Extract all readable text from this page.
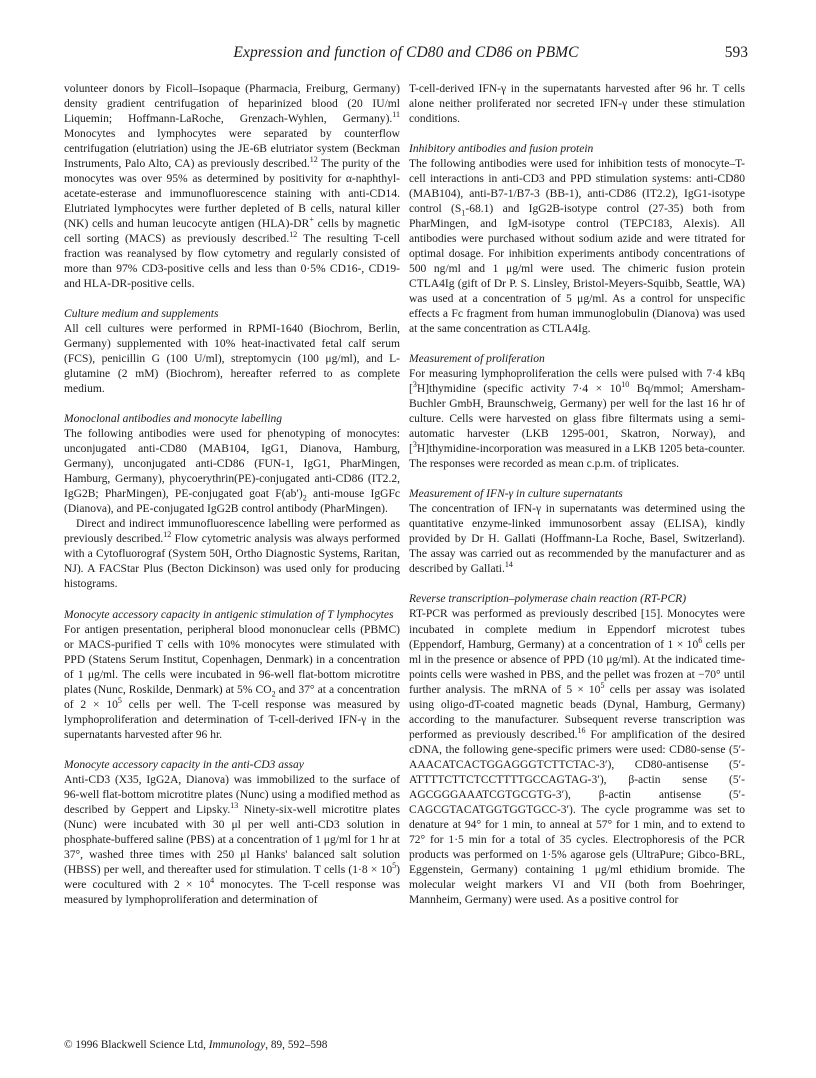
Expression and function of CD80 and CD86 on PBMC	593

volunteer donors by Ficoll–Isopaque (Pharmacia, Freiburg, Germany) density gradient centrifugation of heparinized blood (20 IU/ml Liquemin; Hoffmann-LaRoche, Grenzach-Wyhlen, Germany).$^{11}$ Monocytes and lymphocytes were separated by counterflow centrifugation (elutriation) using the JE-6B elutriator system (Beckman Instruments, Palo Alto, CA) as previously described.$^{12}$ The purity of the monocytes was over 95% as determined by positivity for α-naphthyl-acetate-esterase and immunofluorescence staining with anti-CD14. Elutriated lymphocytes were further depleted of B cells, natural killer (NK) cells and human leucocyte antigen (HLA)-DR+ cells by magnetic cell sorting (MACS) as previously described.$^{12}$ The resulting T-cell fraction was reanalysed by flow cytometry and regularly consisted of more than 97% CD3-positive cells and less than 0·5% CD16-, CD19- and HLA-DR-positive cells.

Culture medium and supplements

All cell cultures were performed in RPMI-1640 (Biochrom, Berlin, Germany) supplemented with 10% heat-inactivated fetal calf serum (FCS), penicillin G (100 U/ml), streptomycin (100 μg/ml), and L-glutamine (2 mM) (Biochrom), hereafter referred to as complete medium.

Monoclonal antibodies and monocyte labelling

The following antibodies were used for phenotyping of monocytes: unconjugated anti-CD80 (MAB104, IgG1, Dianova, Hamburg, Germany), unconjugated anti-CD86 (FUN-1, IgG1, PharMingen, Hamburg, Germany), phycoerythrin(PE)-conjugated anti-CD86 (IT2.2, IgG2B; PharMingen), PE-conjugated goat $F(ab')_2$ anti-mouse IgGFc (Dianova), and PE-conjugated IgG2B control antibody (PharMingen).

Direct and indirect immunofluorescence labelling were performed as previously described.$^{12}$ Flow cytometric analysis was always performed with a Cytofluorograf (System 50H, Ortho Diagnostic Systems, Raritan, NJ). A FACStar Plus (Becton Dickinson) was used only for producing histograms.

Monocyte accessory capacity in antigenic stimulation of T lymphocytes

For antigen presentation, peripheral blood mononuclear cells (PBMC) or MACS-purified T cells with 10% monocytes were stimulated with PPD (Statens Serum Institut, Copenhagen, Denmark) in a concentration of 1 μg/ml. The cells were incubated in 96-well flat-bottom microtitre plates (Nunc, Roskilde, Denmark) at 5% $CO_2$ and 37° at a concentration of $2 \times 10^5$ cells per well. The T-cell response was measured by lymphoproliferation and determination of T-cell-derived IFN-γ in the supernatants harvested after 96 hr.

Monocyte accessory capacity in the anti-CD3 assay

Anti-CD3 (X35, IgG2A, Dianova) was immobilized to the surface of 96-well flat-bottom microtitre plates (Nunc) using a modified method as described by Geppert and Lipsky.$^{13}$ Ninety-six-well microtitre plates (Nunc) were incubated with 30 μl per well anti-CD3 solution in phosphate-buffered saline (PBS) at a concentration of 1 μg/ml for 1 hr at 37°, washed three times with 250 μl Hanks' balanced salt solution (HBSS) per well, and thereafter used for stimulation. T cells $(1\cdot 8 \times 10^5)$ were cocultured with $2 \times 10^4$ monocytes. The T-cell response was measured by lymphoproliferation and determination of

T-cell-derived IFN-γ in the supernatants harvested after 96 hr. T cells alone neither proliferated nor secreted IFN-γ under these stimulation conditions.

Inhibitory antibodies and fusion protein

The following antibodies were used for inhibition tests of monocyte–T-cell interactions in anti-CD3 and PPD stimulation systems: anti-CD80 (MAB104), anti-B7-1/B7-3 (BB-1), anti-CD86 (IT2.2), IgG1-isotype control $(S_1-68.1)$ and IgG2B-isotype control (27-35) both from PharMingen, and IgM-isotype control (TEPC183, Alexis). All antibodies were purchased without sodium azide and were titrated for optimal dosage. For inhibition experiments antibody concentrations of 500 ng/ml and 1 μg/ml were used. The chimeric fusion protein CTLA4Ig (gift of Dr P. S. Linsley, Bristol-Meyers-Squibb, Seattle, WA) was used at a concentration of 5 μg/ml. As a control for unspecific effects a Fc fragment from human immunoglobulin (Dianova) was used at the same concentration as CTLA4Ig.

Measurement of proliferation

For measuring lymphoproliferation the cells were pulsed with 7·4 kBq [$^3$H]thymidine (specific activity $7\cdot 4 \times 10^{10}$ Bq/mmol; Amersham-Buchler GmbH, Braunschweig, Germany) per well for the last 16 hr of culture. Cells were harvested on glass fibre filtermats using a semi-automatic harvester (LKB 1295-001, Skatron, Norway), and [$^3$H]thymidine-incorporation was measured in a LKB 1205 beta-counter. The responses were recorded as mean c.p.m. of triplicates.

Measurement of IFN-γ in culture supernatants

The concentration of IFN-γ in supernatants was determined using the quantitative enzyme-linked immunosorbent assay (ELISA), kindly provided by Dr H. Gallati (Hoffmann-La Roche, Basel, Switzerland). The assay was carried out as recommended by the manufacturer and as described by Gallati.$^{14}$

Reverse transcription–polymerase chain reaction (RT-PCR)

RT-PCR was performed as previously described [15]. Monocytes were incubated in complete medium in Eppendorf microtest tubes (Eppendorf, Hamburg, Germany) at a concentration of $1 \times 10^6$ cells per ml in the presence or absence of PPD (10 μg/ml). At the indicated time-points cells were washed in PBS, and the pellet was frozen at −70° until further analysis. The mRNA of $5 \times 10^5$ cells per assay was isolated using oligo-dT-coated magnetic beads (Dynal, Hamburg, Germany) according to the manufacturer. Subsequent reverse transcription was performed as previously described.$^{16}$ For amplification of the desired cDNA, the following gene-specific primers were used: CD80-sense (5′-AAACATCACTGGAGGGTCTTCTAC-3′), CD80-antisense (5′-ATTTTCTTCTCCTTTTGCCAGTAG-3′), β-actin sense (5′-AGCGGGAAATCGTGCGTG-3′), β-actin antisense (5′-CAGCGTACATGGTGGTGCC-3′). The cycle programme was set to denature at 94° for 1 min, to anneal at 57° for 1 min, and to extend to 72° for 1·5 min for a total of 35 cycles. Electrophoresis of the PCR products was performed on 1·5% agarose gels (UltraPure; Gibco-BRL, Eggenstein, Germany) containing 1 μg/ml ethidium bromide. The molecular weight markers VI and VII (both from Boehringer, Mannheim, Germany) were used. As a positive control for

© 1996 Blackwell Science Ltd, Immunology, 89, 592–598
